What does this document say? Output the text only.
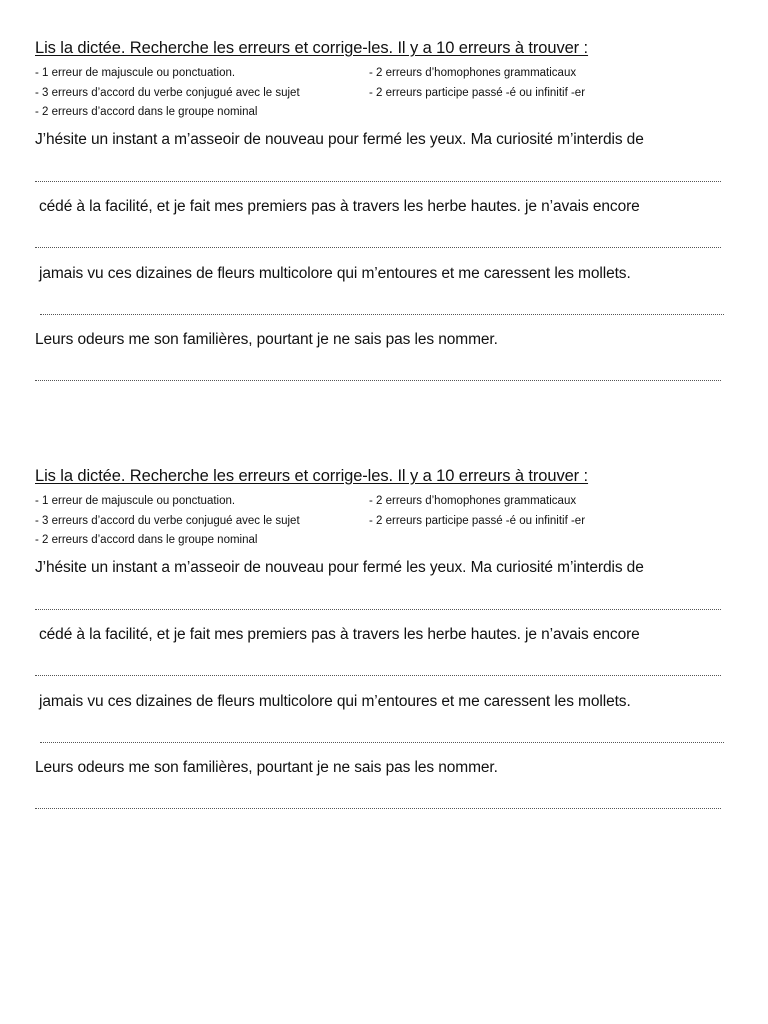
Lis la dictée. Recherche les erreurs et corrige-les. Il y a 10 erreurs à trouver :
- 1 erreur de majuscule ou ponctuation.	- 2 erreurs d’homophones grammaticaux
- 3 erreurs d’accord du verbe conjugué avec le sujet	- 2 erreurs participe passé -é ou infinitif -er
- 2 erreurs d’accord dans le groupe nominal
J’hésite un instant a m’asseoir de nouveau pour fermé les yeux. Ma curiosité m’interdis de
cédé à la facilité, et je fait mes premiers pas à travers les herbe hautes. je n’avais encore
jamais vu ces dizaines de fleurs multicolore qui m’entoures et me caressent les mollets.
Leurs odeurs me son familières, pourtant je ne sais pas les nommer.
Lis la dictée. Recherche les erreurs et corrige-les. Il y a 10 erreurs à trouver :
- 1 erreur de majuscule ou ponctuation.	- 2 erreurs d’homophones grammaticaux
- 3 erreurs d’accord du verbe conjugué avec le sujet	- 2 erreurs participe passé -é ou infinitif -er
- 2 erreurs d’accord dans le groupe nominal
J’hésite un instant a m’asseoir de nouveau pour fermé les yeux. Ma curiosité m’interdis de
cédé à la facilité, et je fait mes premiers pas à travers les herbe hautes. je n’avais encore
jamais vu ces dizaines de fleurs multicolore qui m’entoures et me caressent les mollets.
Leurs odeurs me son familières, pourtant je ne sais pas les nommer.
